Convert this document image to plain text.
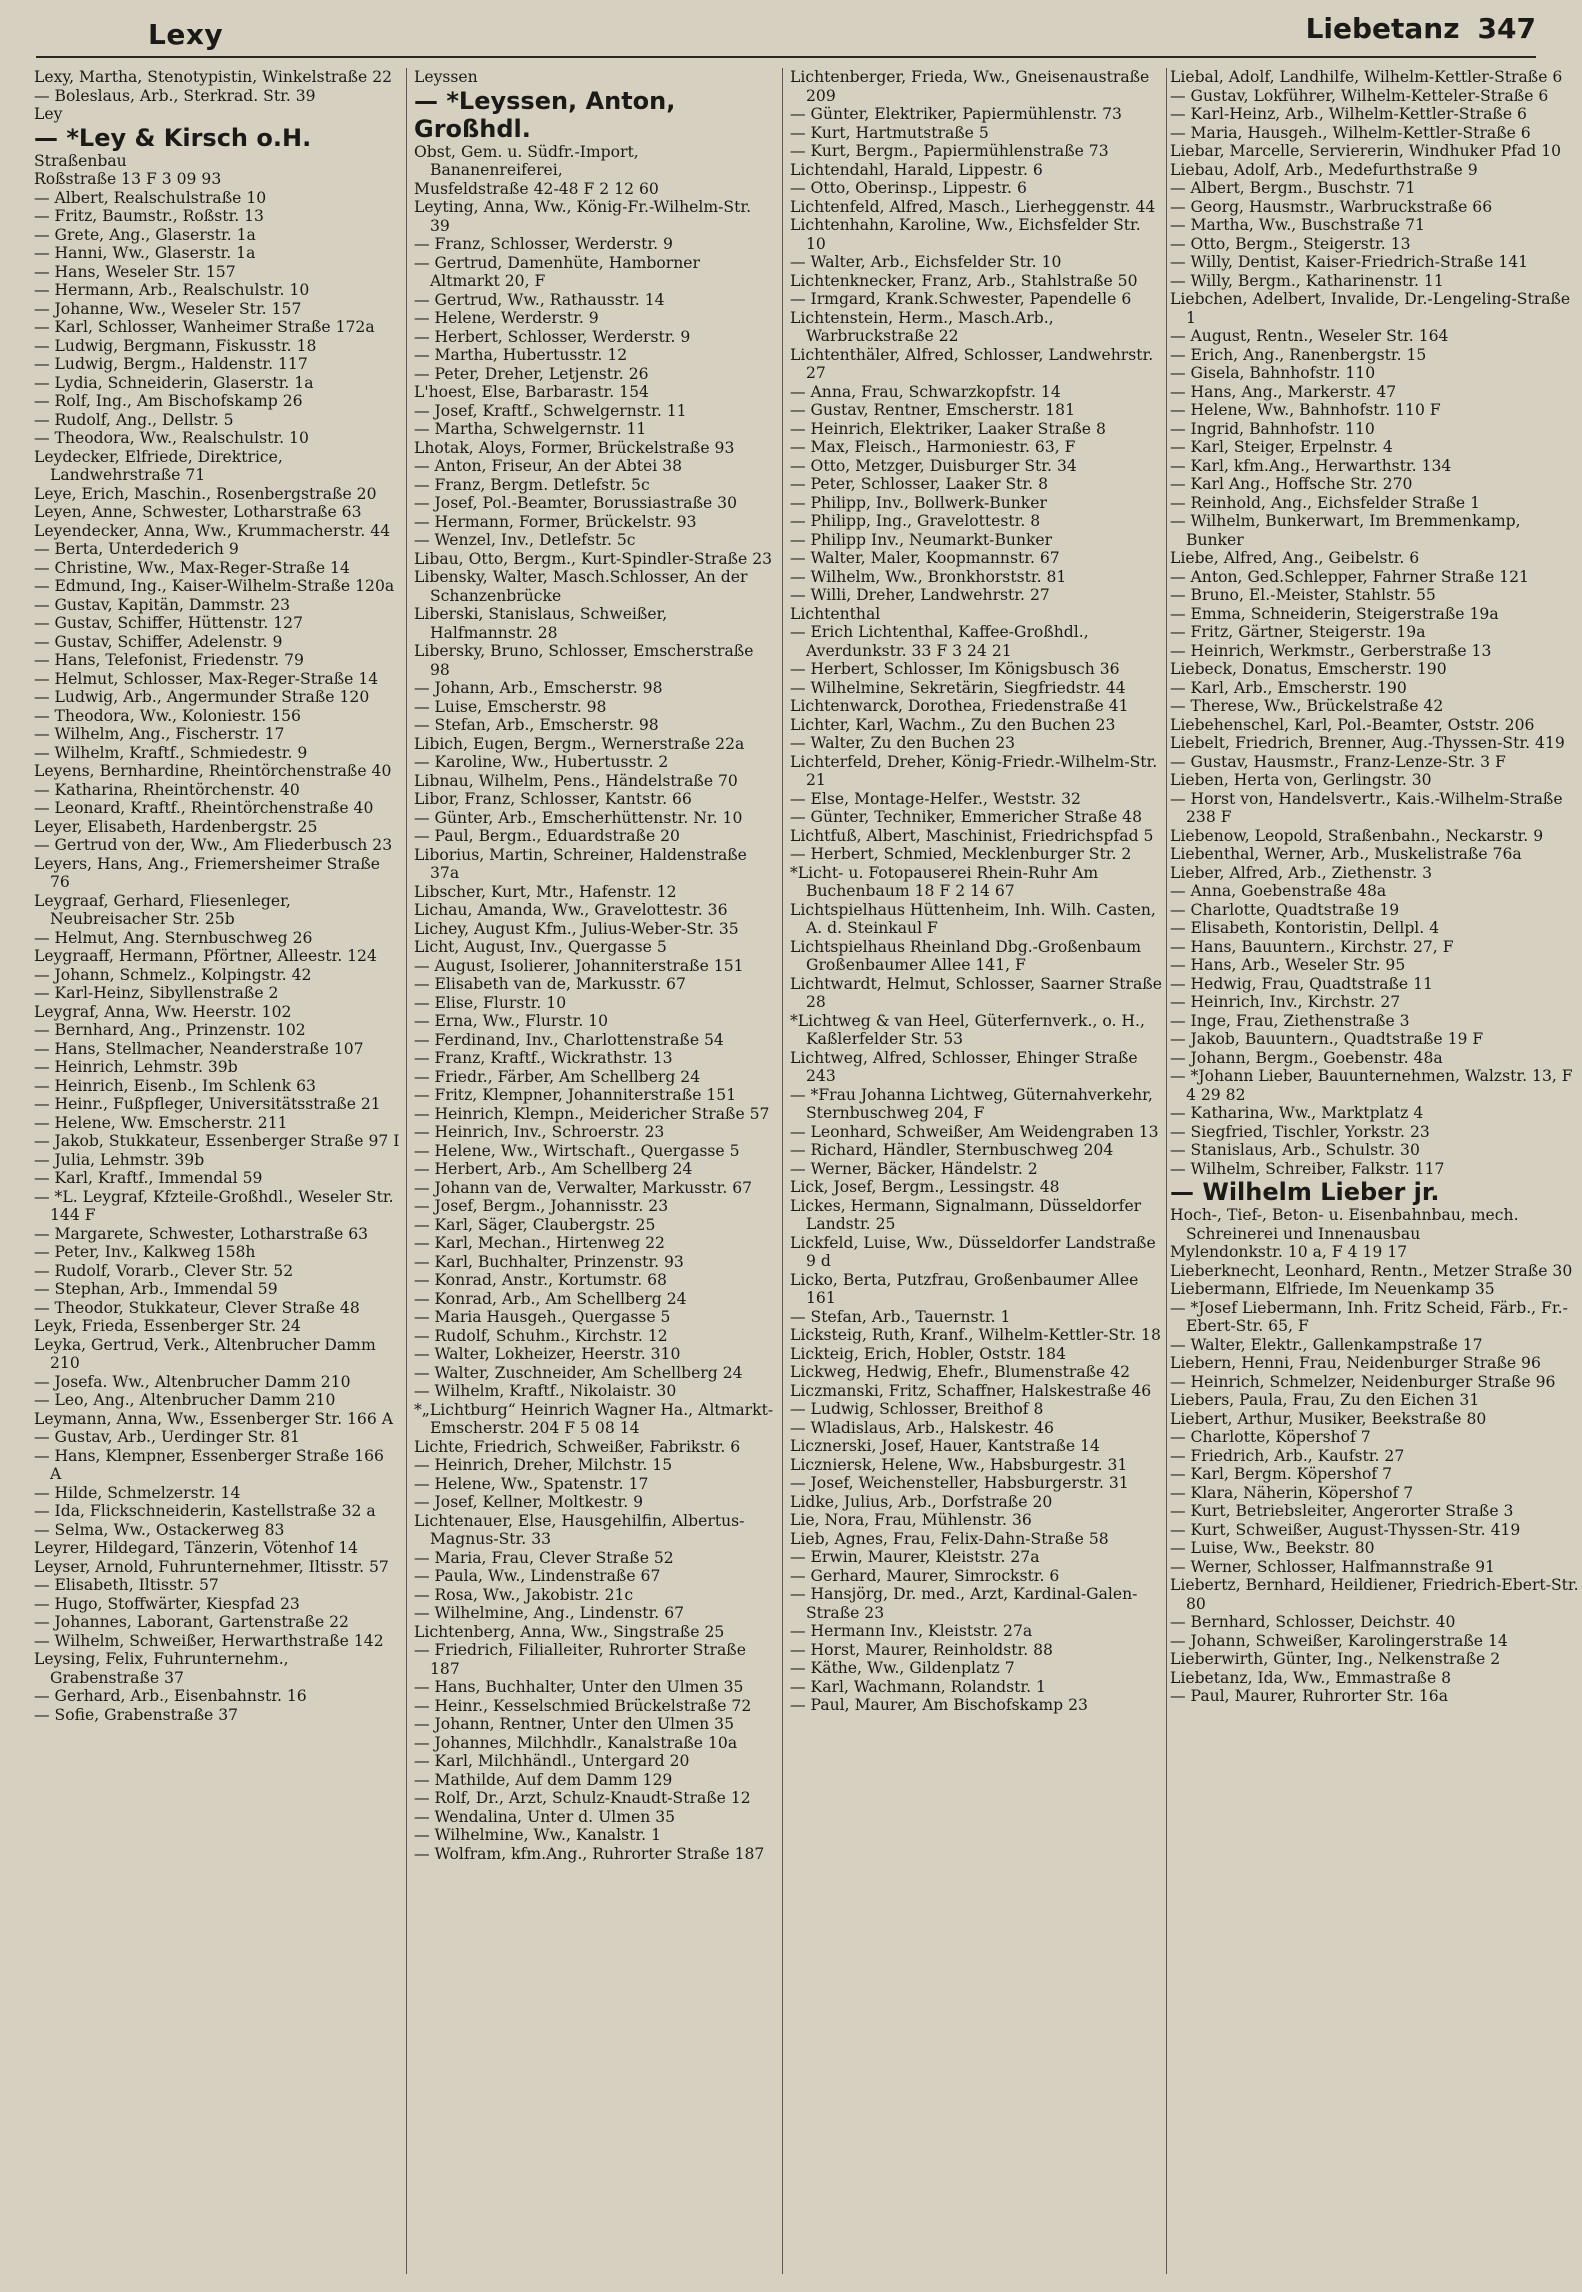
Lexy	Liebetanz 347

Lexy, Martha, Stenotypistin, Winkelstraße 22

— Boleslaus, Arb., Sterkrad. Str. 39

Ley

— *Ley & Kirsch o.H.

Straßenbau

Roßstraße 13 F 3 09 93

— Albert, Realschulstraße 10

— Fritz, Baumstr., Roßstr. 13

— Grete, Ang., Glaserstr. 1a

— Hanni, Ww., Glaserstr. 1a

— Hans, Weseler Str. 157

— Hermann, Arb., Realschulstr. 10

— Johanne, Ww., Weseler Str. 157

— Karl, Schlosser, Wanheimer Straße 172a

— Ludwig, Bergmann, Fiskusstr. 18

— Ludwig, Bergm., Haldenstr. 117

— Lydia, Schneiderin, Glaserstr. 1a

— Rolf, Ing., Am Bischofskamp 26

— Rudolf, Ang., Dellstr. 5

— Theodora, Ww., Realschulstr. 10

Leydecker, Elfriede, Direktrice, Landwehrstraße 71

Leye, Erich, Maschin., Rosenbergstraße 20

Leyen, Anne, Schwester, Lotharstraße 63

Leyendecker, Anna, Ww., Krummacherstr. 44

— Berta, Unterdederich 9

— Christine, Ww., Max-Reger-Straße 14

— Edmund, Ing., Kaiser-Wilhelm-Straße 120a

— Gustav, Kapitän, Dammstr. 23

— Gustav, Schiffer, Hüttenstr. 127

— Gustav, Schiffer, Adelenstr. 9

— Hans, Telefonist, Friedenstr. 79

— Helmut, Schlosser, Max-Reger-Straße 14

— Ludwig, Arb., Angermunder Straße 120

— Theodora, Ww., Koloniestr. 156

— Wilhelm, Ang., Fischerstr. 17

— Wilhelm, Kraftf., Schmiedestr. 9

Leyens, Bernhardine, Rheintörchenstraße 40

— Katharina, Rheintörchenstr. 40

— Leonard, Kraftf., Rheintörchenstraße 40

Leyer, Elisabeth, Hardenbergstr. 25

— Gertrud von der, Ww., Am Fliederbusch 23

Leyers, Hans, Ang., Friemersheimer Straße 76

Leygraaf, Gerhard, Fliesenleger, Neubreisacher Str. 25b

— Helmut, Ang. Sternbuschweg 26

Leygraaff, Hermann, Pförtner, Alleestr. 124

— Johann, Schmelz., Kolpingstr. 42

— Karl-Heinz, Sibyllenstraße 2

Leygraf, Anna, Ww. Heerstr. 102

— Bernhard, Ang., Prinzenstr. 102

— Hans, Stellmacher, Neanderstraße 107

— Heinrich, Lehmstr. 39b

— Heinrich, Eisenb., Im Schlenk 63

— Heinr., Fußpfleger, Universitätsstraße 21

— Helene, Ww. Emscherstr. 211

— Jakob, Stukkateur, Essenberger Straße 97 I

— Julia, Lehmstr. 39b

— Karl, Kraftf., Immendal 59

— *L. Leygraf, Kfzteile-Großhdl., Weseler Str. 144 F

— Margarete, Schwester, Lotharstraße 63

— Peter, Inv., Kalkweg 158h

— Rudolf, Vorarb., Clever Str. 52

— Stephan, Arb., Immendal 59

— Theodor, Stukkateur, Clever Straße 48

Leyk, Frieda, Essenberger Str. 24

Leyka, Gertrud, Verk., Altenbrucher Damm 210

— Josefa. Ww., Altenbrucher Damm 210

— Leo, Ang., Altenbrucher Damm 210

Leymann, Anna, Ww., Essenberger Str. 166 A

— Gustav, Arb., Uerdinger Str. 81

— Hans, Klempner, Essenberger Straße 166 A

— Hilde, Schmelzerstr. 14

— Ida, Flickschneiderin, Kastellstraße 32 a

— Selma, Ww., Ostackerweg 83

Leyrer, Hildegard, Tänzerin, Vötenhof 14

Leyser, Arnold, Fuhrunternehmer, Iltisstr. 57

— Elisabeth, Iltisstr. 57

— Hugo, Stoffwärter, Kiespfad 23

— Johannes, Laborant, Gartenstraße 22

— Wilhelm, Schweißer, Herwarthstraße 142

Leysing, Felix, Fuhrunternehm., Grabenstraße 37

— Gerhard, Arb., Eisenbahnstr. 16

— Sofie, Grabenstraße 37

Leyssen

— *Leyssen, Anton, Großhdl.

Obst, Gem. u. Südfr.-Import, Bananenreiferei,

Musfeldstraße 42-48 F 2 12 60

Leyting, Anna, Ww., König-Fr.-Wilhelm-Str. 39

— Franz, Schlosser, Werderstr. 9

— Gertrud, Damenhüte, Hamborner Altmarkt 20, F

— Gertrud, Ww., Rathausstr. 14

— Helene, Werderstr. 9

— Herbert, Schlosser, Werderstr. 9

— Martha, Hubertusstr. 12

— Peter, Dreher, Letjenstr. 26

L'hoest, Else, Barbarastr. 154

— Josef, Kraftf., Schwelgernstr. 11

— Martha, Schwelgernstr. 11

Lhotak, Aloys, Former, Brückelstraße 93

— Anton, Friseur, An der Abtei 38

— Franz, Bergm. Detlefstr. 5c

— Josef, Pol.-Beamter, Borussiastraße 30

— Hermann, Former, Brückelstr. 93

— Wenzel, Inv., Detlefstr. 5c

Libau, Otto, Bergm., Kurt-Spindler-Straße 23

Libensky, Walter, Masch.Schlosser, An der Schanzenbrücke

Liberski, Stanislaus, Schweißer, Halfmannstr. 28

Libersky, Bruno, Schlosser, Emscherstraße 98

— Johann, Arb., Emscherstr. 98

— Luise, Emscherstr. 98

— Stefan, Arb., Emscherstr. 98

Libich, Eugen, Bergm., Wernerstraße 22a

— Karoline, Ww., Hubertusstr. 2

Libnau, Wilhelm, Pens., Händelstraße 70

Libor, Franz, Schlosser, Kantstr. 66

— Günter, Arb., Emscherhüttenstr. Nr. 10

— Paul, Bergm., Eduardstraße 20

Liborius, Martin, Schreiner, Haldenstraße 37a

Libscher, Kurt, Mtr., Hafenstr. 12

Lichau, Amanda, Ww., Gravelottestr. 36

Lichey, August Kfm., Julius-Weber-Str. 35

Licht, August, Inv., Quergasse 5

— August, Isolierer, Johanniterstraße 151

— Elisabeth van de, Markusstr. 67

— Elise, Flurstr. 10

— Erna, Ww., Flurstr. 10

— Ferdinand, Inv., Charlottenstraße 54

— Franz, Kraftf., Wickrathstr. 13

— Friedr., Färber, Am Schellberg 24

— Fritz, Klempner, Johanniterstraße 151

— Heinrich, Klempn., Meidericher Straße 57

— Heinrich, Inv., Schroerstr. 23

— Helene, Ww., Wirtschaft., Quergasse 5

— Herbert, Arb., Am Schellberg 24

— Johann van de, Verwalter, Markusstr. 67

— Josef, Bergm., Johannisstr. 23

— Karl, Säger, Claubergstr. 25

— Karl, Mechan., Hirtenweg 22

— Karl, Buchhalter, Prinzenstr. 93

— Konrad, Anstr., Kortumstr. 68

— Konrad, Arb., Am Schellberg 24

— Maria Hausgeh., Quergasse 5

— Rudolf, Schuhm., Kirchstr. 12

— Walter, Lokheizer, Heerstr. 310

— Walter, Zuschneider, Am Schellberg 24

— Wilhelm, Kraftf., Nikolaistr. 30

*„Lichtburg“ Heinrich Wagner Ha., Altmarkt-Emscherstr. 204 F 5 08 14

Lichte, Friedrich, Schweißer, Fabrikstr. 6

— Heinrich, Dreher, Milchstr. 15

— Helene, Ww., Spatenstr. 17

— Josef, Kellner, Moltkestr. 9

Lichtenauer, Else, Hausgehilfin, Albertus-Magnus-Str. 33

— Maria, Frau, Clever Straße 52

— Paula, Ww., Lindenstraße 67

— Rosa, Ww., Jakobistr. 21c

— Wilhelmine, Ang., Lindenstr. 67

Lichtenberg, Anna, Ww., Singstraße 25

— Friedrich, Filialleiter, Ruhrorter Straße 187

— Hans, Buchhalter, Unter den Ulmen 35

— Heinr., Kesselschmied Brückelstraße 72

— Johann, Rentner, Unter den Ulmen 35

— Johannes, Milchhdlr., Kanalstraße 10a

— Karl, Milchhändl., Untergard 20

— Mathilde, Auf dem Damm 129

— Rolf, Dr., Arzt, Schulz-Knaudt-Straße 12

— Wendalina, Unter d. Ulmen 35

— Wilhelmine, Ww., Kanalstr. 1

— Wolfram, kfm.Ang., Ruhrorter Straße 187

Lichtenberger, Frieda, Ww., Gneisenaustraße 209

— Günter, Elektriker, Papiermühlenstr. 73

— Kurt, Hartmutstraße 5

— Kurt, Bergm., Papiermühlenstraße 73

Lichtendahl, Harald, Lippestr. 6

— Otto, Oberinsp., Lippestr. 6

Lichtenfeld, Alfred, Masch., Lierheggenstr. 44

Lichtenhahn, Karoline, Ww., Eichsfelder Str. 10

— Walter, Arb., Eichsfelder Str. 10

Lichtenknecker, Franz, Arb., Stahlstraße 50

— Irmgard, Krank.Schwester, Papendelle 6

Lichtenstein, Herm., Masch.Arb., Warbruckstraße 22

Lichtenthäler, Alfred, Schlosser, Landwehrstr. 27

— Anna, Frau, Schwarzkopfstr. 14

— Gustav, Rentner, Emscherstr. 181

— Heinrich, Elektriker, Laaker Straße 8

— Max, Fleisch., Harmoniestr. 63, F

— Otto, Metzger, Duisburger Str. 34

— Peter, Schlosser, Laaker Str. 8

— Philipp, Inv., Bollwerk-Bunker

— Philipp, Ing., Gravelottestr. 8

— Philipp Inv., Neumarkt-Bunker

— Walter, Maler, Koopmannstr. 67

— Wilhelm, Ww., Bronkhorststr. 81

— Willi, Dreher, Landwehrstr. 27

Lichtenthal

— Erich Lichtenthal, Kaffee-Großhdl., Averdunkstr. 33 F 3 24 21

— Herbert, Schlosser, Im Königsbusch 36

— Wilhelmine, Sekretärin, Siegfriedstr. 44

Lichtenwarck, Dorothea, Friedenstraße 41

Lichter, Karl, Wachm., Zu den Buchen 23

— Walter, Zu den Buchen 23

Lichterfeld, Dreher, König-Friedr.-Wilhelm-Str. 21

— Else, Montage-Helfer., Weststr. 32

— Günter, Techniker, Emmericher Straße 48

Lichtfuß, Albert, Maschinist, Friedrichspfad 5

— Herbert, Schmied, Mecklenburger Str. 2

*Licht- u. Fotopauserei Rhein-Ruhr Am Buchenbaum 18 F 2 14 67

Lichtspielhaus Hüttenheim, Inh. Wilh. Casten, A. d. Steinkaul F

Lichtspielhaus Rheinland Dbg.-Großenbaum Großenbaumer Allee 141, F

Lichtwardt, Helmut, Schlosser, Saarner Straße 28

*Lichtweg & van Heel, Güterfernverk., o. H., Kaßlerfelder Str. 53

Lichtweg, Alfred, Schlosser, Ehinger Straße 243

— *Frau Johanna Lichtweg, Güternahverkehr, Sternbuschweg 204, F

— Leonhard, Schweißer, Am Weidengraben 13

— Richard, Händler, Sternbuschweg 204

— Werner, Bäcker, Händelstr. 2

Lick, Josef, Bergm., Lessingstr. 48

Lickes, Hermann, Signalmann, Düsseldorfer Landstr. 25

Lickfeld, Luise, Ww., Düsseldorfer Landstraße 9 d

Licko, Berta, Putzfrau, Großenbaumer Allee 161

— Stefan, Arb., Tauernstr. 1

Licksteig, Ruth, Kranf., Wilhelm-Kettler-Str. 18

Lickteig, Erich, Hobler, Oststr. 184

Lickweg, Hedwig, Ehefr., Blumenstraße 42

Liczmanski, Fritz, Schaffner, Halskestraße 46

— Ludwig, Schlosser, Breithof 8

— Wladislaus, Arb., Halskestr. 46

Licznerski, Josef, Hauer, Kantstraße 14

Liczniersk, Helene, Ww., Habsburgestr. 31

— Josef, Weichensteller, Habsburgerstr. 31

Lidke, Julius, Arb., Dorfstraße 20

Lie, Nora, Frau, Mühlenstr. 36

Lieb, Agnes, Frau, Felix-Dahn-Straße 58

— Erwin, Maurer, Kleiststr. 27a

— Gerhard, Maurer, Simrockstr. 6

— Hansjörg, Dr. med., Arzt, Kardinal-Galen-Straße 23

— Hermann Inv., Kleiststr. 27a

— Horst, Maurer, Reinholdstr. 88

— Käthe, Ww., Gildenplatz 7

— Karl, Wachmann, Rolandstr. 1

— Paul, Maurer, Am Bischofskamp 23

Liebal, Adolf, Landhilfe, Wilhelm-Kettler-Straße 6

— Gustav, Lokführer, Wilhelm-Ketteler-Straße 6

— Karl-Heinz, Arb., Wilhelm-Kettler-Straße 6

— Maria, Hausgeh., Wilhelm-Kettler-Straße 6

Liebar, Marcelle, Serviererin, Windhuker Pfad 10

Liebau, Adolf, Arb., Medefurthstraße 9

— Albert, Bergm., Buschstr. 71

— Georg, Hausmstr., Warbruckstraße 66

— Martha, Ww., Buschstraße 71

— Otto, Bergm., Steigerstr. 13

— Willy, Dentist, Kaiser-Friedrich-Straße 141

— Willy, Bergm., Katharinenstr. 11

Liebchen, Adelbert, Invalide, Dr.-Lengeling-Straße 1

— August, Rentn., Weseler Str. 164

— Erich, Ang., Ranenbergstr. 15

— Gisela, Bahnhofstr. 110

— Hans, Ang., Markerstr. 47

— Helene, Ww., Bahnhofstr. 110 F

— Ingrid, Bahnhofstr. 110

— Karl, Steiger, Erpelnstr. 4

— Karl, kfm.Ang., Herwarthstr. 134

— Karl Ang., Hoffsche Str. 270

— Reinhold, Ang., Eichsfelder Straße 1

— Wilhelm, Bunkerwart, Im Bremmenkamp, Bunker

Liebe, Alfred, Ang., Geibelstr. 6

— Anton, Ged.Schlepper, Fahrner Straße 121

— Bruno, El.-Meister, Stahlstr. 55

— Emma, Schneiderin, Steigerstraße 19a

— Fritz, Gärtner, Steigerstr. 19a

— Heinrich, Werkmstr., Gerberstraße 13

Liebeck, Donatus, Emscherstr. 190

— Karl, Arb., Emscherstr. 190

— Therese, Ww., Brückelstraße 42

Liebehenschel, Karl, Pol.-Beamter, Oststr. 206

Liebelt, Friedrich, Brenner, Aug.-Thyssen-Str. 419

— Gustav, Hausmstr., Franz-Lenze-Str. 3 F

Lieben, Herta von, Gerlingstr. 30

— Horst von, Handelsvertr., Kais.-Wilhelm-Straße 238 F

Liebenow, Leopold, Straßenbahn., Neckarstr. 9

Liebenthal, Werner, Arb., Muskelistraße 76a

Lieber, Alfred, Arb., Ziethenstr. 3

— Anna, Goebenstraße 48a

— Charlotte, Quadtstraße 19

— Elisabeth, Kontoristin, Dellpl. 4

— Hans, Bauuntern., Kirchstr. 27, F

— Hans, Arb., Weseler Str. 95

— Hedwig, Frau, Quadtstraße 11

— Heinrich, Inv., Kirchstr. 27

— Inge, Frau, Ziethenstraße 3

— Jakob, Bauuntern., Quadtstraße 19 F

— Johann, Bergm., Goebenstr. 48a

— *Johann Lieber, Bauunternehmen, Walzstr. 13, F 4 29 82

— Katharina, Ww., Marktplatz 4

— Siegfried, Tischler, Yorkstr. 23

— Stanislaus, Arb., Schulstr. 30

— Wilhelm, Schreiber, Falkstr. 117

— Wilhelm Lieber jr.

Hoch-, Tief-, Beton- u. Eisenbahnbau, mech. Schreinerei und Innenausbau

Mylendonkstr. 10 a, F 4 19 17

Lieberknecht, Leonhard, Rentn., Metzer Straße 30

Liebermann, Elfriede, Im Neuenkamp 35

— *Josef Liebermann, Inh. Fritz Scheid, Färb., Fr.-Ebert-Str. 65, F

— Walter, Elektr., Gallenkampstraße 17

Liebern, Henni, Frau, Neidenburger Straße 96

— Heinrich, Schmelzer, Neidenburger Straße 96

Liebers, Paula, Frau, Zu den Eichen 31

Liebert, Arthur, Musiker, Beekstraße 80

— Charlotte, Köpershof 7

— Friedrich, Arb., Kaufstr. 27

— Karl, Bergm. Köpershof 7

— Klara, Näherin, Köpershof 7

— Kurt, Betriebsleiter, Angerorter Straße 3

— Kurt, Schweißer, August-Thyssen-Str. 419

— Luise, Ww., Beekstr. 80

— Werner, Schlosser, Halfmannstraße 91

Liebertz, Bernhard, Heildiener, Friedrich-Ebert-Str. 80

— Bernhard, Schlosser, Deichstr. 40

— Johann, Schweißer, Karolingerstraße 14

Lieberwirth, Günter, Ing., Nelkenstraße 2

Liebetanz, Ida, Ww., Emmastraße 8

— Paul, Maurer, Ruhrorter Str. 16a
